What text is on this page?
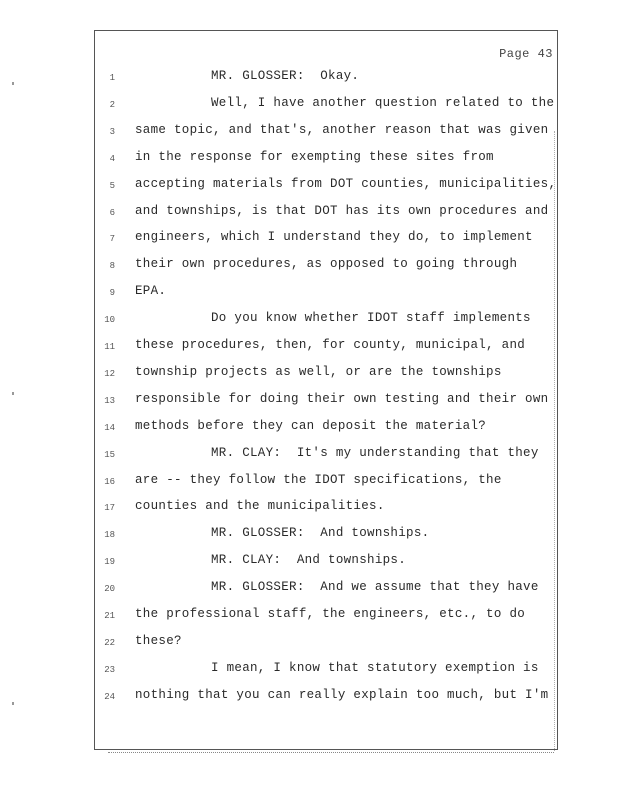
Page 43
1	MR. GLOSSER:  Okay.
2	Well, I have another question related to the
3 same topic, and that's, another reason that was given
4 in the response for exempting these sites from
5 accepting materials from DOT counties, municipalities,
6 and townships, is that DOT has its own procedures and
7 engineers, which I understand they do, to implement
8 their own procedures, as opposed to going through
9 EPA.
10	Do you know whether IDOT staff implements
11 these procedures, then, for county, municipal, and
12 township projects as well, or are the townships
13 responsible for doing their own testing and their own
14 methods before they can deposit the material?
15	MR. CLAY:  It's my understanding that they
16 are -- they follow the IDOT specifications, the
17 counties and the municipalities.
18	MR. GLOSSER:  And townships.
19	MR. CLAY:  And townships.
20	MR. GLOSSER:  And we assume that they have
21 the professional staff, the engineers, etc., to do
22 these?
23	I mean, I know that statutory exemption is
24 nothing that you can really explain too much, but I'm
